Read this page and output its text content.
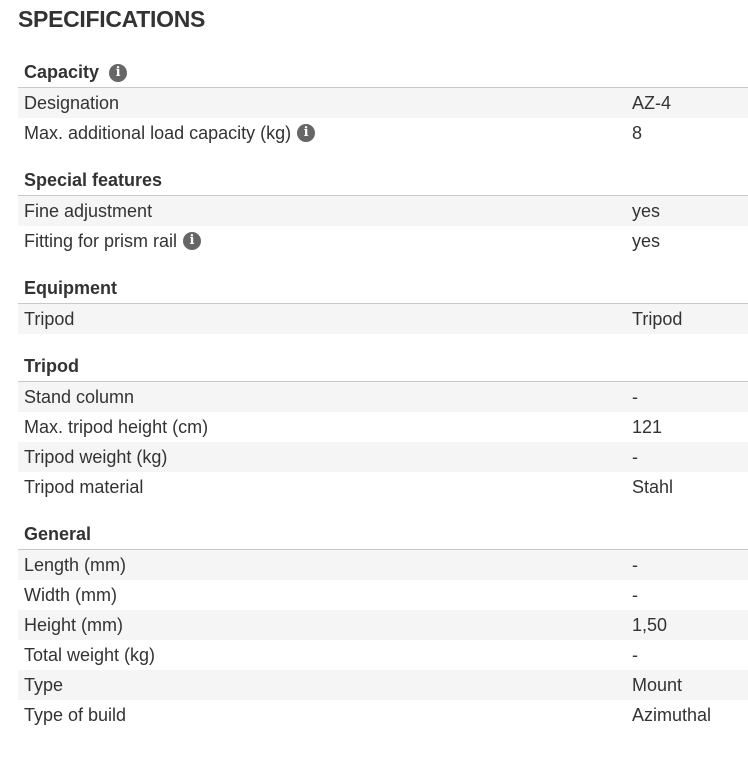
SPECIFICATIONS
Capacity	i
Designation	AZ-4
Max. additional load capacity (kg) i	8
Special features
Fine adjustment	yes
Fitting for prism rail i	yes
Equipment
Tripod	Tripod
Tripod
Stand column	-
Max. tripod height (cm)	121
Tripod weight (kg)	-
Tripod material	Stahl
General
Length (mm)	-
Width (mm)	-
Height (mm)	1,50
Total weight (kg)	-
Type	Mount
Type of build	Azimuthal
